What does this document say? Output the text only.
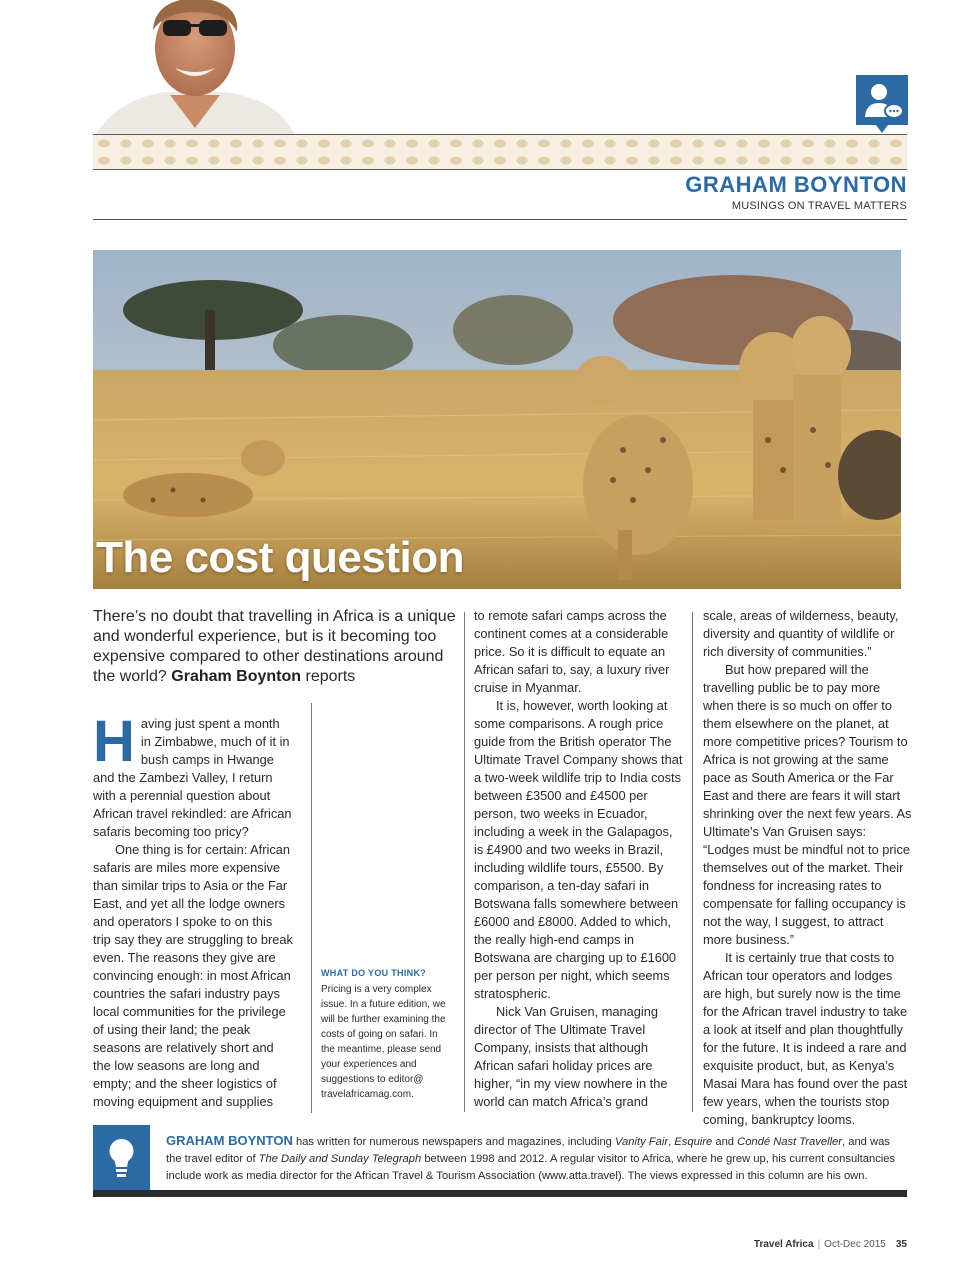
GRAHAM BOYNTON
MUSINGS ON TRAVEL MATTERS
The cost question
There’s no doubt that travelling in Africa is a unique and wonderful experience, but is it becoming too expensive compared to other destinations around the world? Graham Boynton reports

Having just spent a month in Zimbabwe, much of it in bush camps in Hwange and the Zambezi Valley, I return with a perennial question about African travel rekindled: are African safaris becoming too pricy?

One thing is for certain: African safaris are miles more expensive than similar trips to Asia or the Far East, and yet all the lodge owners and operators I spoke to on this trip say they are struggling to break even. The reasons they give are convincing enough: in most African countries the safari industry pays local communities for the privilege of using their land; the peak seasons are relatively short and the low seasons are long and empty; and the sheer logistics of moving equipment and supplies

WHAT DO YOU THINK?
Pricing is a very complex issue. In a future edition, we will be further examining the costs of going on safari. In the meantime, please send your experiences and suggestions to editor@ travelafricamag.com.

to remote safari camps across the continent comes at a considerable price. So it is difficult to equate an African safari to, say, a luxury river cruise in Myanmar.

It is, however, worth looking at some comparisons. A rough price guide from the British operator The Ultimate Travel Company shows that a two-week wildlife trip to India costs between £3500 and £4500 per person, two weeks in Ecuador, including a week in the Galapagos, is £4900 and two weeks in Brazil, including wildlife tours, £5500. By comparison, a ten-day safari in Botswana falls somewhere between £6000 and £8000. Added to which, the really high-end camps in Botswana are charging up to £1600 per person per night, which seems stratospheric.

Nick Van Gruisen, managing director of The Ultimate Travel Company, insists that although African safari holiday prices are higher, “in my view nowhere in the world can match Africa’s grand

scale, areas of wilderness, beauty, diversity and quantity of wildlife or rich diversity of communities.”

But how prepared will the travelling public be to pay more when there is so much on offer to them elsewhere on the planet, at more competitive prices? Tourism to Africa is not growing at the same pace as South America or the Far East and there are fears it will start shrinking over the next few years. As Ultimate’s Van Gruisen says: “Lodges must be mindful not to price themselves out of the market. Their fondness for increasing rates to compensate for falling occupancy is not the way, I suggest, to attract more business.”

It is certainly true that costs to African tour operators and lodges are high, but surely now is the time for the African travel industry to take a look at itself and plan thoughtfully for the future. It is indeed a rare and exquisite product, but, as Kenya’s Masai Mara has found over the past few years, when the tourists stop coming, bankruptcy looms.

GRAHAM BOYNTON has written for numerous newspapers and magazines, including Vanity Fair, Esquire and Condé Nast Traveller, and was the travel editor of The Daily and Sunday Telegraph between 1998 and 2012. A regular visitor to Africa, where he grew up, his current consultancies include work as media director for the African Travel & Tourism Association (www.atta.travel). The views expressed in this column are his own.
Travel Africa | Oct-Dec 2015 35
